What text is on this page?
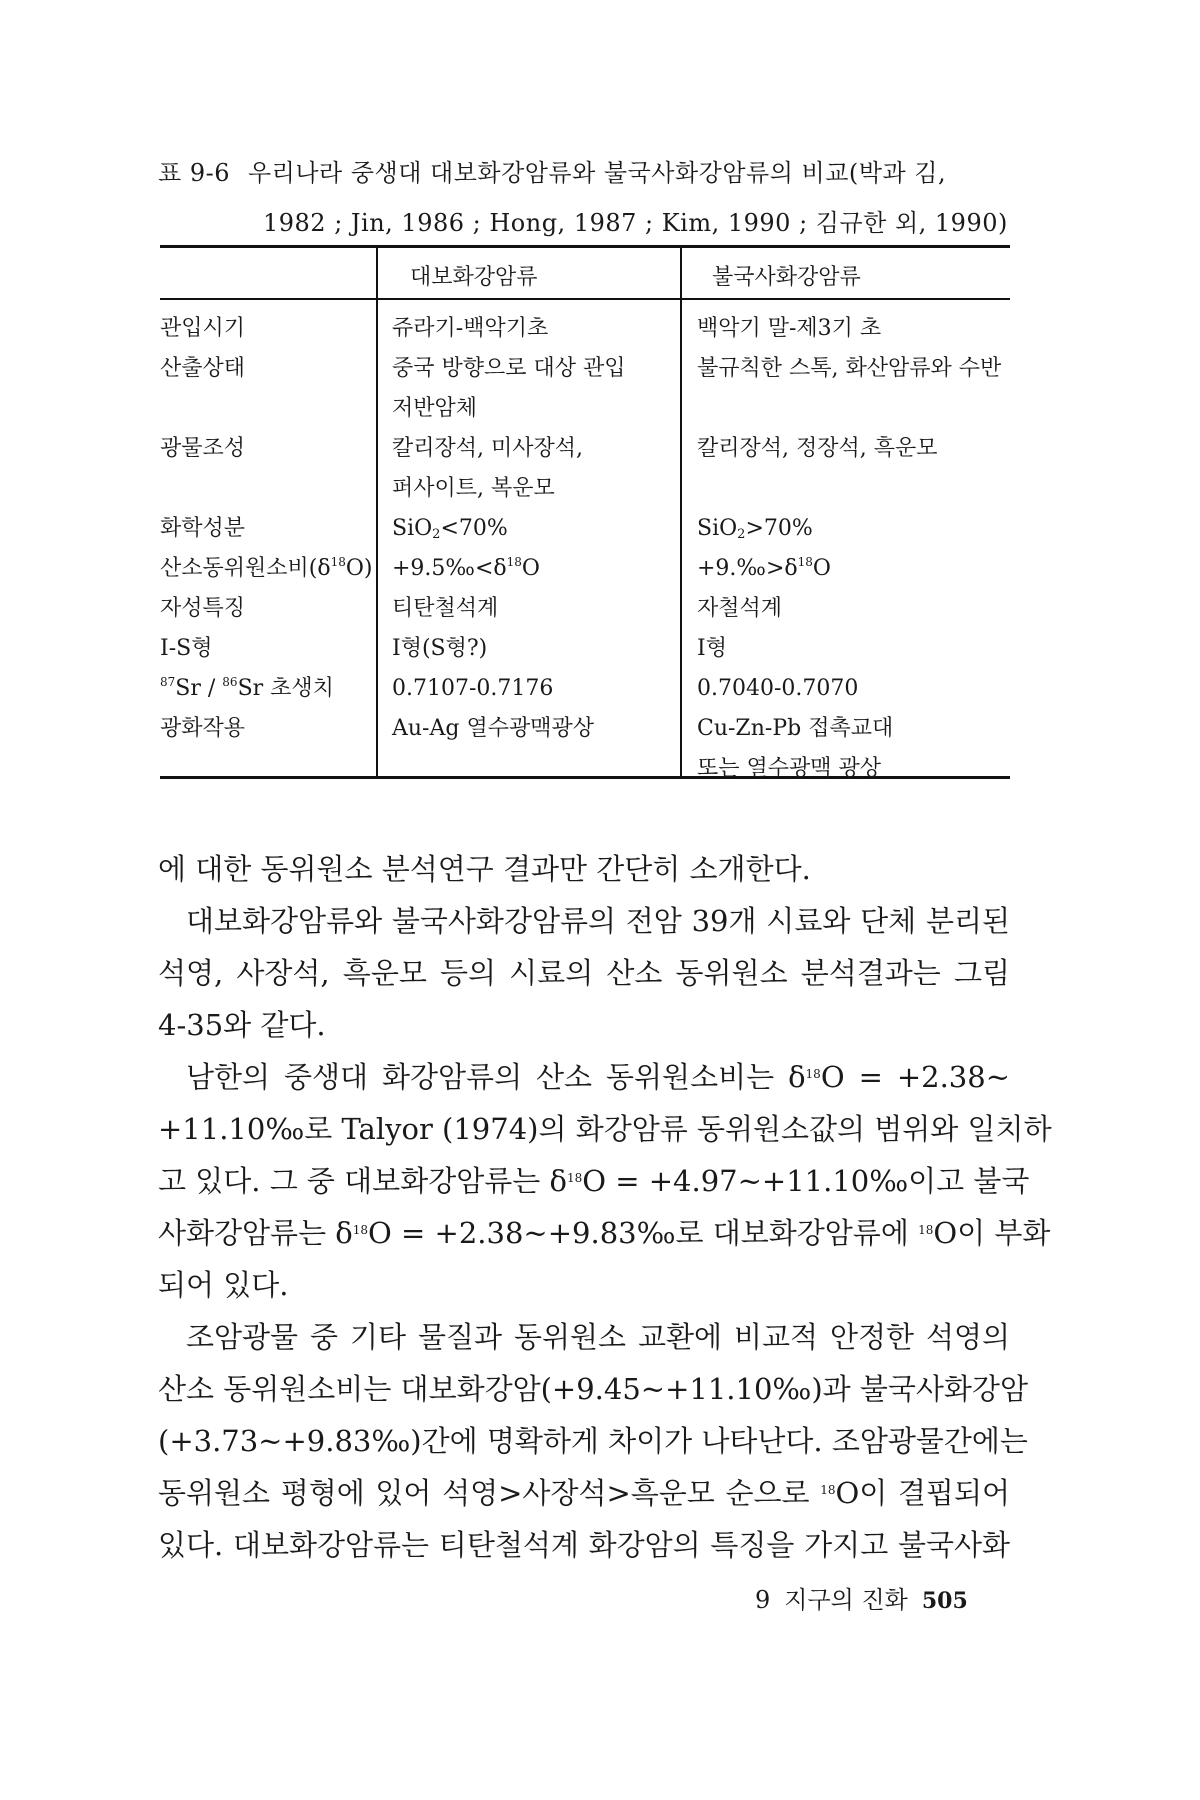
표 9-6 우리나라 중생대 대보화강암류와 불국사화강암류의 비교(박과 김,
1982 ; Jin, 1986 ; Hong, 1987 ; Kim, 1990 ; 김규한 외, 1990)
대보화강암류	불국사화강암류
관입시기
산출상태
광물조성
화학성분
산소동위원소비$(\delta^{18}O)$
자성특징
I-S형
$^{87}$Sr / $^{86}$Sr 초생치
광화작용
쥬라기-백악기초
중국 방향으로 대상 관입
저반암체
칼리장석, 미사장석,
퍼사이트, 복운모
SiO$_2$<70%
$+9.5‰<\delta^{18}O$
티탄철석계
I형(S형?)
0.7107-0.7176
Au-Ag 열수광맥광상
백악기 말-제3기 초
불규칙한 스톡, 화산암류와 수반
칼리장석, 정장석, 흑운모
SiO$_2$>70%
$+9.‰>\delta^{18}O$
자철석계
I형
0.7040-0.7070
Cu-Zn-Pb 접촉교대
또는 열수광맥 광상
에 대한 동위원소 분석연구 결과만 간단히 소개한다.
대보화강암류와 불국사화강암류의 전암 39개 시료와 단체 분리된
석영, 사장석, 흑운모 등의 시료의 산소 동위원소 분석결과는 그림
4-35와 같다.
남한의 중생대 화강암류의 산소 동위원소비는 $\delta^{18}O$ = +2.38~
+11.10‰로 Talyor (1974)의 화강암류 동위원소값의 범위와 일치하
고 있다. 그 중 대보화강암류는 $\delta^{18}O$ = +4.97~+11.10‰이고 불국
사화강암류는 $\delta^{18}O$ = +2.38~+9.83‰로 대보화강암류에 $^{18}$O이 부화
되어 있다.
조암광물 중 기타 물질과 동위원소 교환에 비교적 안정한 석영의
산소 동위원소비는 대보화강암(+9.45~+11.10‰)과 불국사화강암
(+3.73~+9.83‰)간에 명확하게 차이가 나타난다. 조암광물간에는
동위원소 평형에 있어 석영>사장석>흑운모 순으로 $^{18}$O이 결핍되어
있다. 대보화강암류는 티탄철석계 화강암의 특징을 가지고 불국사화
9 지구의 진화 505
